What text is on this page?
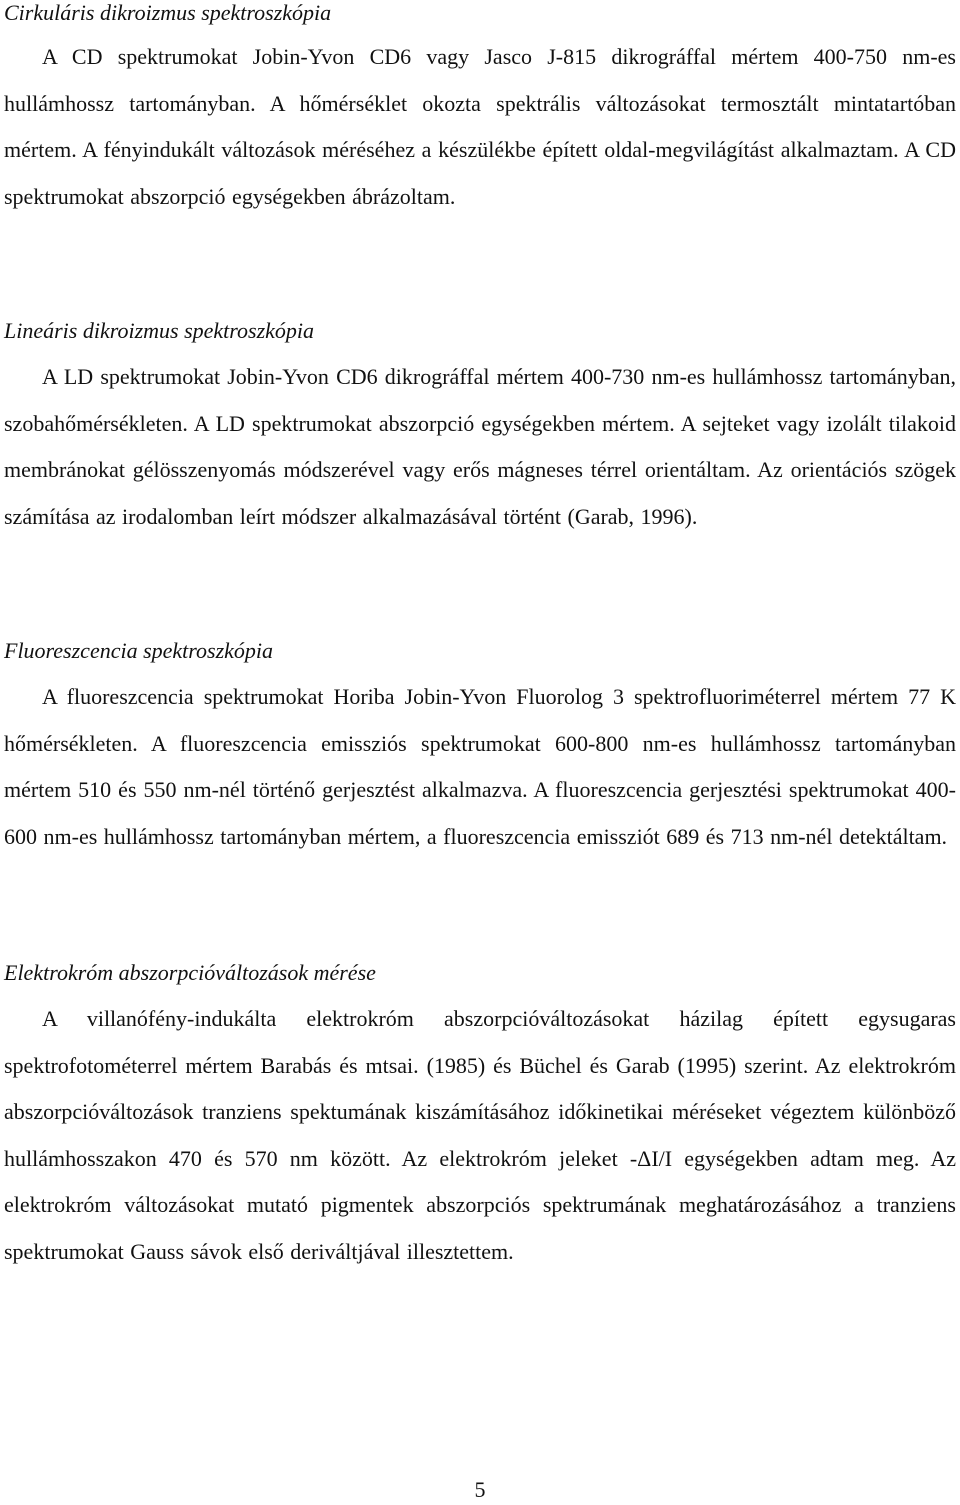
Cirkuláris dikroizmus spektroszkópia

A CD spektrumokat Jobin-Yvon CD6 vagy Jasco J-815 dikrográffal mértem 400-750 nm-es hullámhossz tartományban. A hőmérséklet okozta spektrális változásokat termosztált mintatartóban mértem. A fényindukált változások méréséhez a készülékbe épített oldal-megvilágítást alkalmaztam. A CD spektrumokat abszorpció egységekben ábrázoltam.

Lineáris dikroizmus spektroszkópia

A LD spektrumokat Jobin-Yvon CD6 dikrográffal mértem 400-730 nm-es hullámhossz tartományban, szobahőmérsékleten. A LD spektrumokat abszorpció egységekben mértem. A sejteket vagy izolált tilakoid membránokat gélösszenyomás módszerével vagy erős mágneses térrel orientáltam. Az orientációs szögek számítása az irodalomban leírt módszer alkalmazásával történt (Garab, 1996).

Fluoreszcencia spektroszkópia

A fluoreszcencia spektrumokat Horiba Jobin-Yvon Fluorolog 3 spektrofluoriméterrel mértem 77 K hőmérsékleten. A fluoreszcencia emissziós spektrumokat 600-800 nm-es hullámhossz tartományban mértem 510 és 550 nm-nél történő gerjesztést alkalmazva. A fluoreszcencia gerjesztési spektrumokat 400-600 nm-es hullámhossz tartományban mértem, a fluoreszcencia emissziót 689 és 713 nm-nél detektáltam.

Elektrokróm abszorpcióváltozások mérése

A villanófény-indukálta elektrokróm abszorpcióváltozásokat házilag épített egysugaras spektrofotométerrel mértem Barabás és mtsai. (1985) és Büchel és Garab (1995) szerint. Az elektrokróm abszorpcióváltozások tranziens spektumának kiszámításához időkinetikai méréseket végeztem különböző hullámhosszakon 470 és 570 nm között. Az elektrokróm jeleket -ΔI/I egységekben adtam meg. Az elektrokróm változásokat mutató pigmentek abszorpciós spektrumának meghatározásához a tranziens spektrumokat Gauss sávok első deriváltjával illesztettem.

5
